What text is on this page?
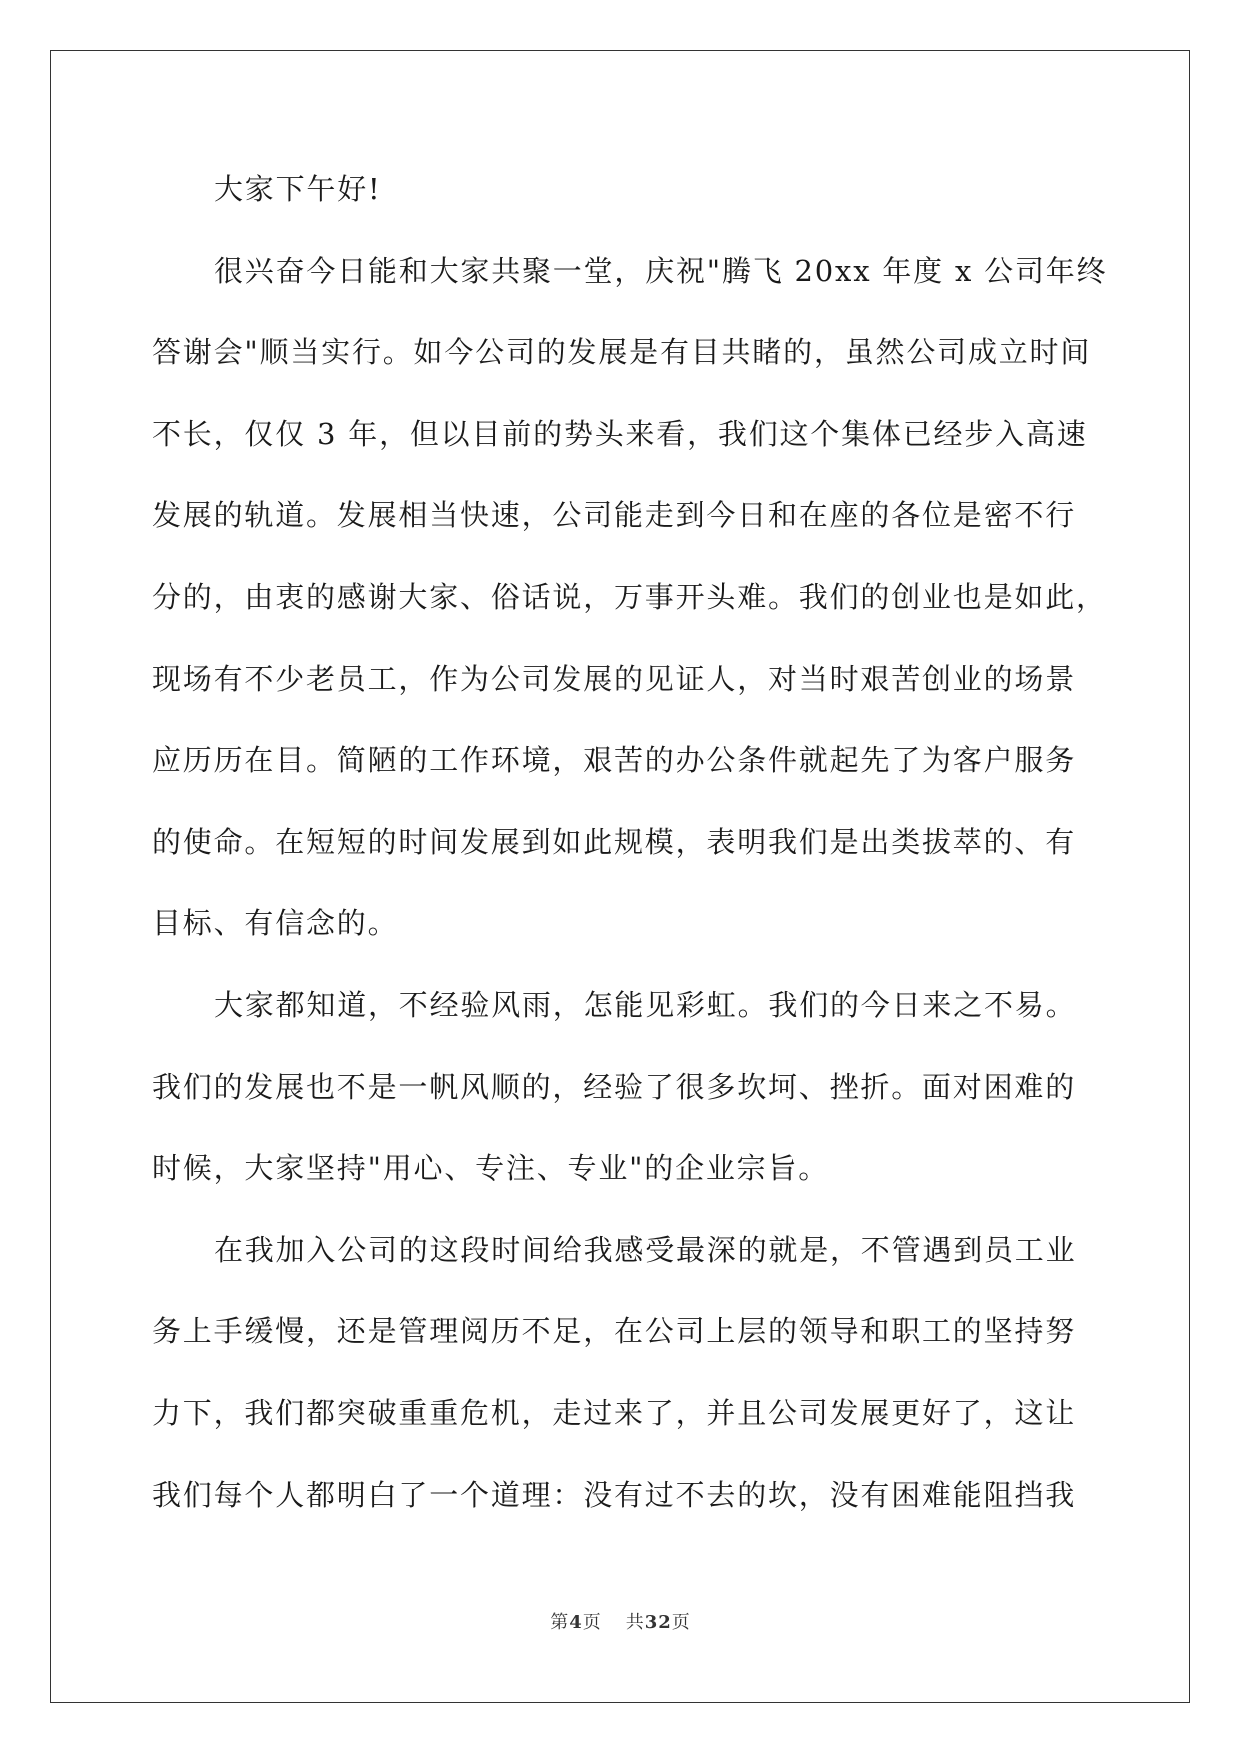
大家下午好!
很兴奋今日能和大家共聚一堂，庆祝"腾飞 20xx 年度 x 公司年终
答谢会"顺当实行。如今公司的发展是有目共睹的，虽然公司成立时间
不长，仅仅 3 年，但以目前的势头来看，我们这个集体已经步入高速
发展的轨道。发展相当快速，公司能走到今日和在座的各位是密不行
分的，由衷的感谢大家、俗话说，万事开头难。我们的创业也是如此，
现场有不少老员工，作为公司发展的见证人，对当时艰苦创业的场景
应历历在目。简陋的工作环境，艰苦的办公条件就起先了为客户服务
的使命。在短短的时间发展到如此规模，表明我们是出类拔萃的、有
目标、有信念的。
大家都知道，不经验风雨，怎能见彩虹。我们的今日来之不易。
我们的发展也不是一帆风顺的，经验了很多坎坷、挫折。面对困难的
时候，大家坚持"用心、专注、专业"的企业宗旨。
在我加入公司的这段时间给我感受最深的就是，不管遇到员工业
务上手缓慢，还是管理阅历不足，在公司上层的领导和职工的坚持努
力下，我们都突破重重危机，走过来了，并且公司发展更好了，这让
我们每个人都明白了一个道理：没有过不去的坎，没有困难能阻挡我
第4页 共32页
